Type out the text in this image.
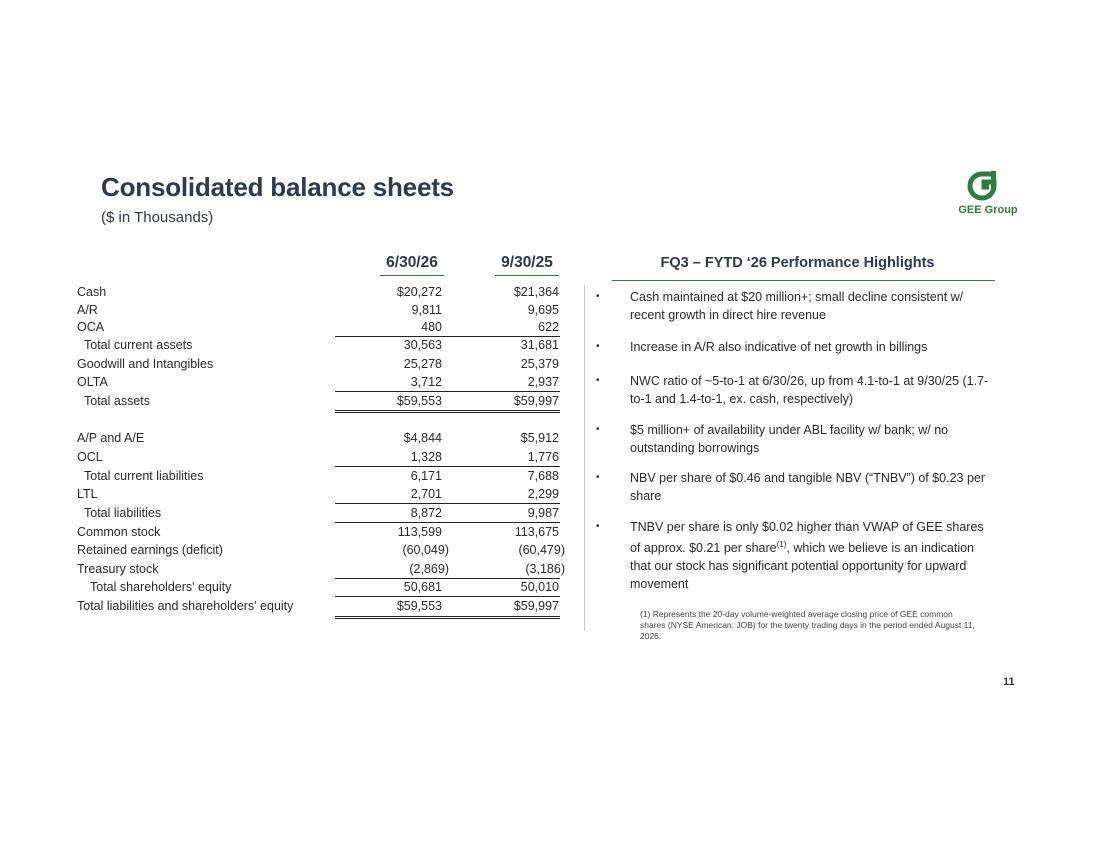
Consolidated balance sheets
($ in Thousands)	GEE Group
6/30/26	9/30/25
Cash	$20,272	$21,364
A/R	9,811	9,695
OCA	480	622
Total current assets	30,563	31,681
Goodwill and Intangibles	25,278	25,379
OLTA	3,712	2,937
Total assets	$59,553	$59,997
A/P and A/E	$4,844	$5,912
OCL	1,328	1,776
Total current liabilities	6,171	7,688
LTL	2,701	2,299
Total liabilities	8,872	9,987
Common stock	113,599	113,675
Retained earnings (deficit)	(60,049)	(60,479)
Treasury stock	(2,869)	(3,186)
Total shareholders' equity	50,681	50,010
Total liabilities and shareholders' equity	$59,553	$59,997
FQ3 – FYTD ‘26 Performance Highlights
• Cash maintained at $20 million+; small decline consistent w/ recent growth in direct hire revenue
• Increase in A/R also indicative of net growth in billings
• NWC ratio of ~5-to-1 at 6/30/26, up from 4.1-to-1 at 9/30/25 (1.7-to-1 and 1.4-to-1, ex. cash, respectively)
• $5 million+ of availability under ABL facility w/ bank; w/ no outstanding borrowings
• NBV per share of $0.46 and tangible NBV (“TNBV”) of $0.23 per share
• TNBV per share is only $0.02 higher than VWAP of GEE shares of approx. $0.21 per share$^{(1)}$, which we believe is an indication that our stock has significant potential opportunity for upward movement
(1) Represents the 20-day volume-weighted average closing price of GEE common shares (NYSE American: JOB) for the twenty trading days in the period ended August 11, 2026.
11
